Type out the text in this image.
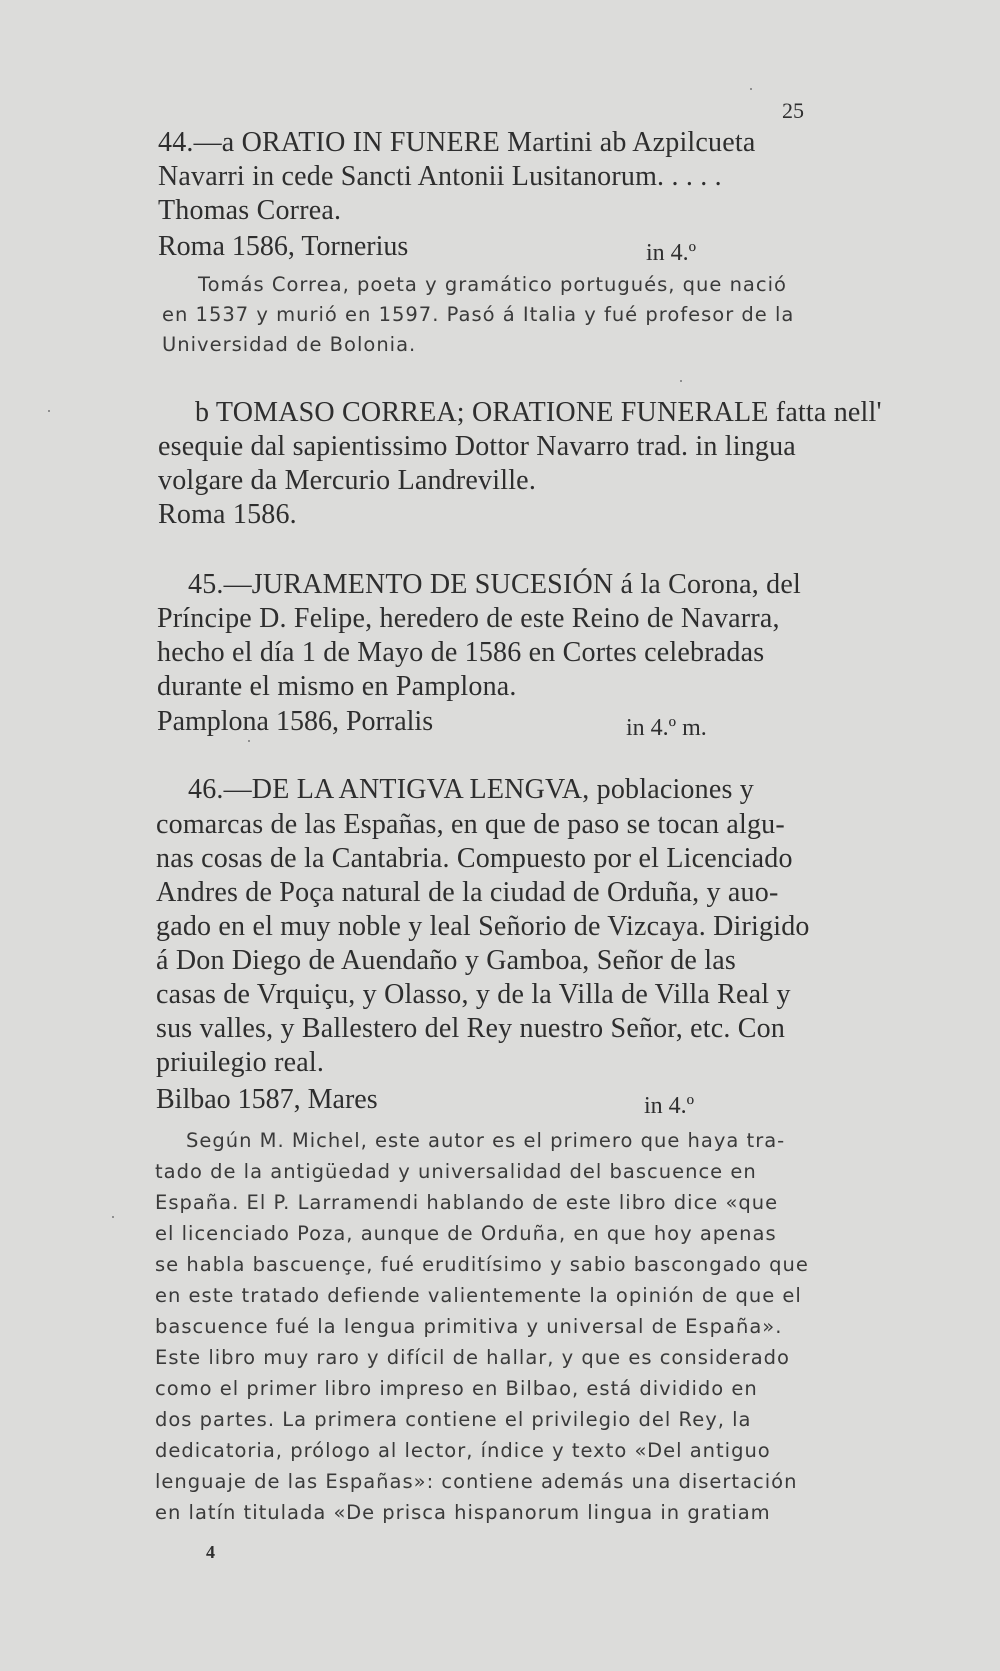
25
44.—a ORATIO IN FUNERE Martini ab Azpilcueta
Navarri in cede Sancti Antonii Lusitanorum. . . . .
Thomas Correa.
Roma 1586, Tornerius	in 4.º
Tomás Correa, poeta y gramático portugués, que nació
en 1537 y murió en 1597. Pasó á Italia y fué profesor de la
Universidad de Bolonia.
b TOMASO CORREA; ORATIONE FUNERALE fatta nell'
esequie dal sapientissimo Dottor Navarro trad. in lingua
volgare da Mercurio Landreville.
Roma 1586.
45.—JURAMENTO DE SUCESIÓN á la Corona, del
Príncipe D. Felipe, heredero de este Reino de Navarra,
hecho el día 1 de Mayo de 1586 en Cortes celebradas
durante el mismo en Pamplona.
Pamplona 1586, Porralis	in 4.º m.
46.—DE LA ANTIGVA LENGVA, poblaciones y
comarcas de las Españas, en que de paso se tocan algu-
nas cosas de la Cantabria. Compuesto por el Licenciado
Andres de Poça natural de la ciudad de Orduña, y auo-
gado en el muy noble y leal Señorio de Vizcaya. Dirigido
á Don Diego de Auendaño y Gamboa, Señor de las
casas de Vrquiçu, y Olasso, y de la Villa de Villa Real y
sus valles, y Ballestero del Rey nuestro Señor, etc. Con
priuilegio real.
Bilbao 1587, Mares	in 4.º
Según M. Michel, este autor es el primero que haya tra-
tado de la antigüedad y universalidad del bascuence en
España. El P. Larramendi hablando de este libro dice «que
el licenciado Poza, aunque de Orduña, en que hoy apenas
se habla bascuençe, fué eruditísimo y sabio bascongado que
en este tratado defiende valientemente la opinión de que el
bascuence fué la lengua primitiva y universal de España».
Este libro muy raro y difícil de hallar, y que es considerado
como el primer libro impreso en Bilbao, está dividido en
dos partes. La primera contiene el privilegio del Rey, la
dedicatoria, prólogo al lector, índice y texto «Del antiguo
lenguaje de las Españas»: contiene además una disertación
en latín titulada «De prisca hispanorum lingua in gratiam
4
